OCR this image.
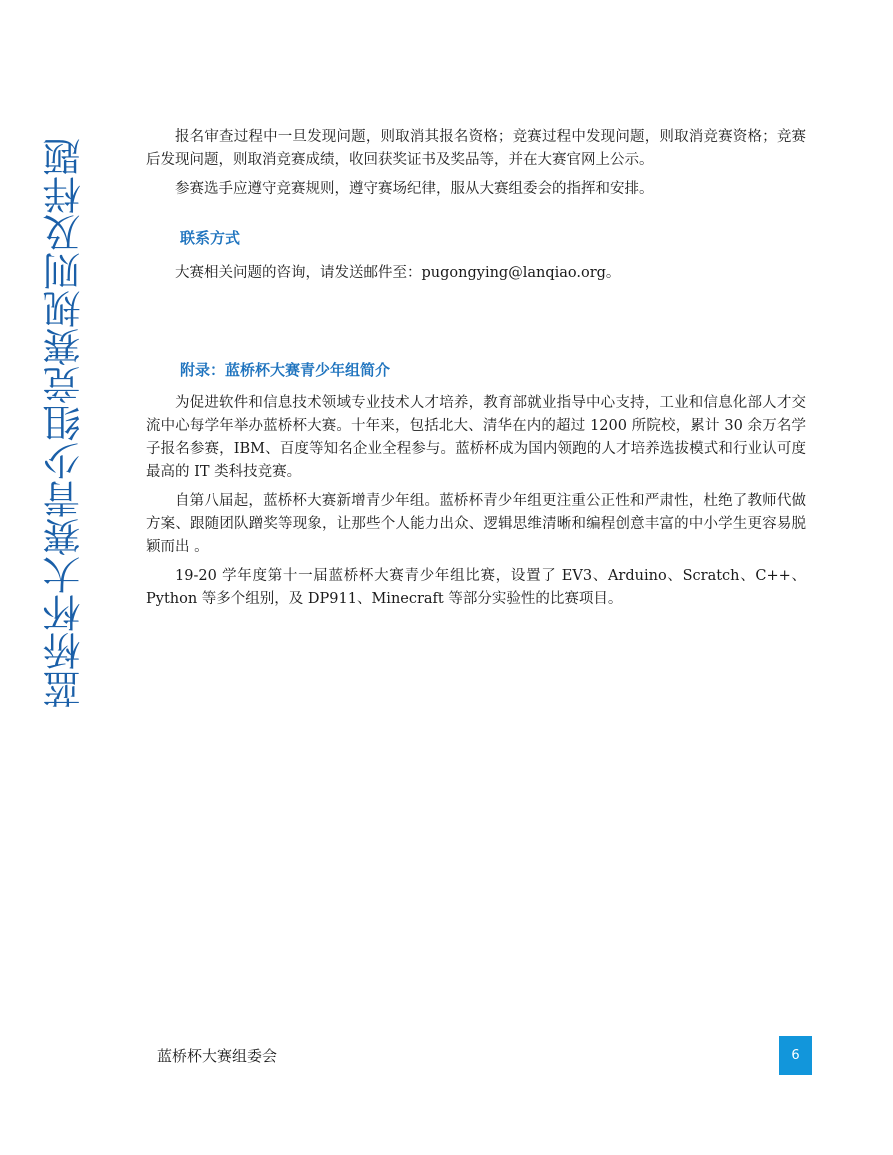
蓝桥杯大赛青少组竞赛规则及样题

报名审查过程中一旦发现问题，则取消其报名资格；竞赛过程中发现问题，则取消竞赛资格；竞赛后发现问题，则取消竞赛成绩，收回获奖证书及奖品等，并在大赛官网上公示。

参赛选手应遵守竞赛规则，遵守赛场纪律，服从大赛组委会的指挥和安排。

联系方式

大赛相关问题的咨询，请发送邮件至：pugongying@lanqiao.org。

附录：蓝桥杯大赛青少年组简介

为促进软件和信息技术领域专业技术人才培养，教育部就业指导中心支持，工业和信息化部人才交流中心每学年举办蓝桥杯大赛。十年来，包括北大、清华在内的超过 1200 所院校，累计 30 余万名学子报名参赛，IBM、百度等知名企业全程参与。蓝桥杯成为国内领跑的人才培养选拔模式和行业认可度最高的 IT 类科技竞赛。

自第八届起，蓝桥杯大赛新增青少年组。蓝桥杯青少年组更注重公正性和严肃性，杜绝了教师代做方案、跟随团队蹭奖等现象，让那些个人能力出众、逻辑思维清晰和编程创意丰富的中小学生更容易脱颖而出 。

19-20 学年度第十一届蓝桥杯大赛青少年组比赛，设置了 EV3、Arduino、Scratch、C++、Python 等多个组别，及 DP911、Minecraft 等部分实验性的比赛项目。

蓝桥杯大赛组委会	6
